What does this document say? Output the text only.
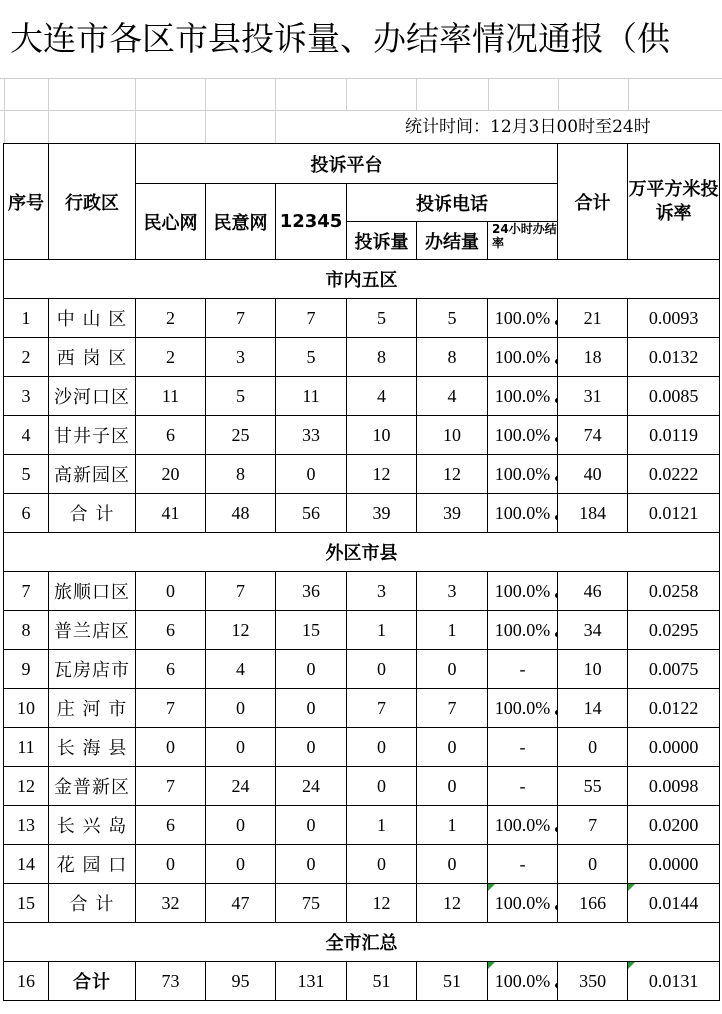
大连市各区市县投诉量、办结率情况通报（供
统计时间：12月3日00时至24时
序号	行政区	投诉平台						合计	万平方米投诉率
		民心网	民意网	12345	投诉电话				
					投诉量	办结量	24小时办结率		

市内五区									
1	中 山 区	2	7	7	5	5	100.0%	21	0.0093
2	西 岗 区	2	3	5	8	8	100.0%	18	0.0132
3	沙河口区	11	5	11	4	4	100.0%	31	0.0085
4	甘井子区	6	25	33	10	10	100.0%	74	0.0119
5	高新园区	20	8	0	12	12	100.0%	40	0.0222
6	合 计	41	48	56	39	39	100.0%	184	0.0121
外区市县									
7	旅顺口区	0	7	36	3	3	100.0%	46	0.0258
8	普兰店区	6	12	15	1	1	100.0%	34	0.0295
9	瓦房店市	6	4	0	0	0	-	10	0.0075
10	庄 河 市	7	0	0	7	7	100.0%	14	0.0122
11	长 海 县	0	0	0	0	0	-	0	0.0000
12	金普新区	7	24	24	0	0	-	55	0.0098
13	长 兴 岛	6	0	0	1	1	100.0%	7	0.0200
14	花 园 口	0	0	0	0	0	-	0	0.0000
15	合 计	32	47	75	12	12	100.0%	166	0.0144

全市汇总									
16	合计	73	95	131	51	51	100.0%	350	0.0131
